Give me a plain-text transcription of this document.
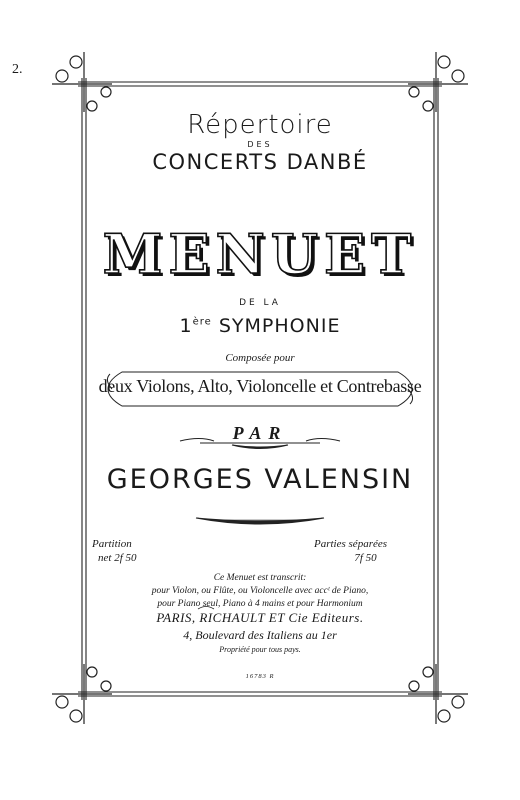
2.
Répertoire
DES
CONCERTS DANBÉ
MENUET
DE LA
1ère SYMPHONIE
Composée pour
deux Violons, Alto, Violoncelle et Contrebasse
PAR
GEORGES VALENSIN
Partition
net 2f 50
Parties séparées
7f 50
Ce Menuet est transcrit:
pour Violon, ou Flûte, ou Violoncelle avec accᵗ de Piano,
pour Piano seul, Piano à 4 mains et pour Harmonium
PARIS, RICHAULT ET Cie Editeurs.
4, Boulevard des Italiens au 1er
Propriété pour tous pays.
16783 R
